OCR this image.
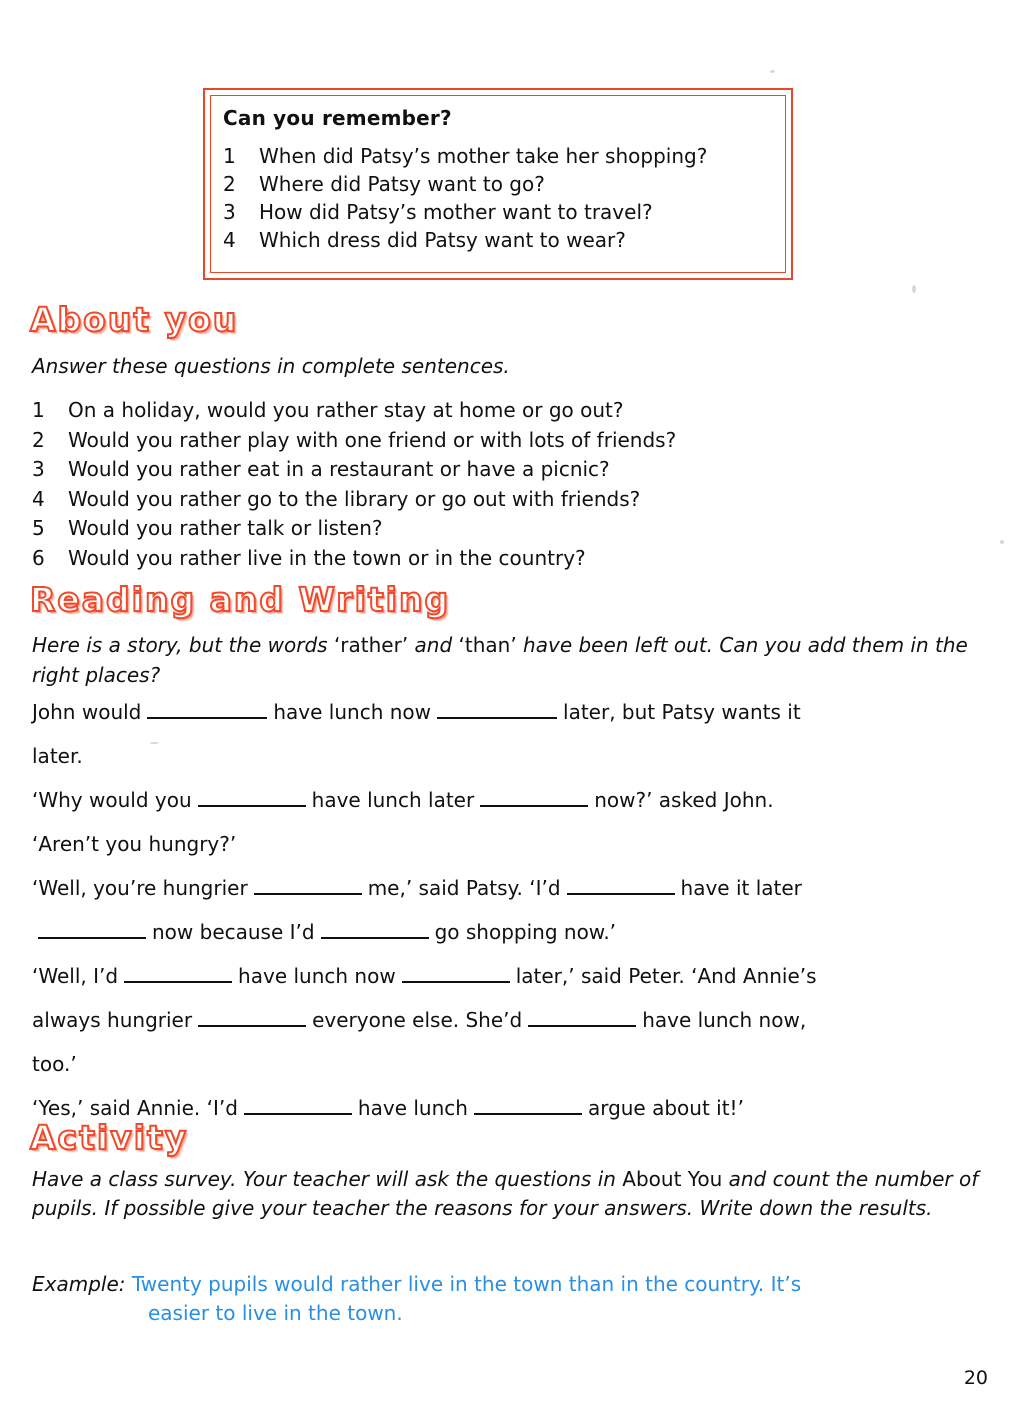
Can you remember?
1	When did Patsy’s mother take her shopping?
2	Where did Patsy want to go?
3	How did Patsy’s mother want to travel?
4	Which dress did Patsy want to wear?
About you
Answer these questions in complete sentences.
1	On a holiday, would you rather stay at home or go out?
2	Would you rather play with one friend or with lots of friends?
3	Would you rather eat in a restaurant or have a picnic?
4	Would you rather go to the library or go out with friends?
5	Would you rather talk or listen?
6	Would you rather live in the town or in the country?
Reading and Writing
Here is a story, but the words ‘rather’ and ‘than’ have been left out. Can you add them in the right places?
John would	have lunch now	later, but Patsy wants it
later.
‘Why would you	have lunch later	now?’ asked John.
‘Aren’t you hungry?’
‘Well, you’re hungrier	me,’ said Patsy. ‘I’d	have it later
now because I’d	go shopping now.’
‘Well, I’d	have lunch now	later,’ said Peter. ‘And Annie’s
always hungrier	everyone else. She’d	have lunch now,
too.’
‘Yes,’ said Annie. ‘I’d	have lunch	argue about it!’
Activity
Have a class survey. Your teacher will ask the questions in About You and count the number of pupils. If possible give your teacher the reasons for your answers. Write down the results.
Example: Twenty pupils would rather live in the town than in the country. It’s
easier to live in the town.
20
